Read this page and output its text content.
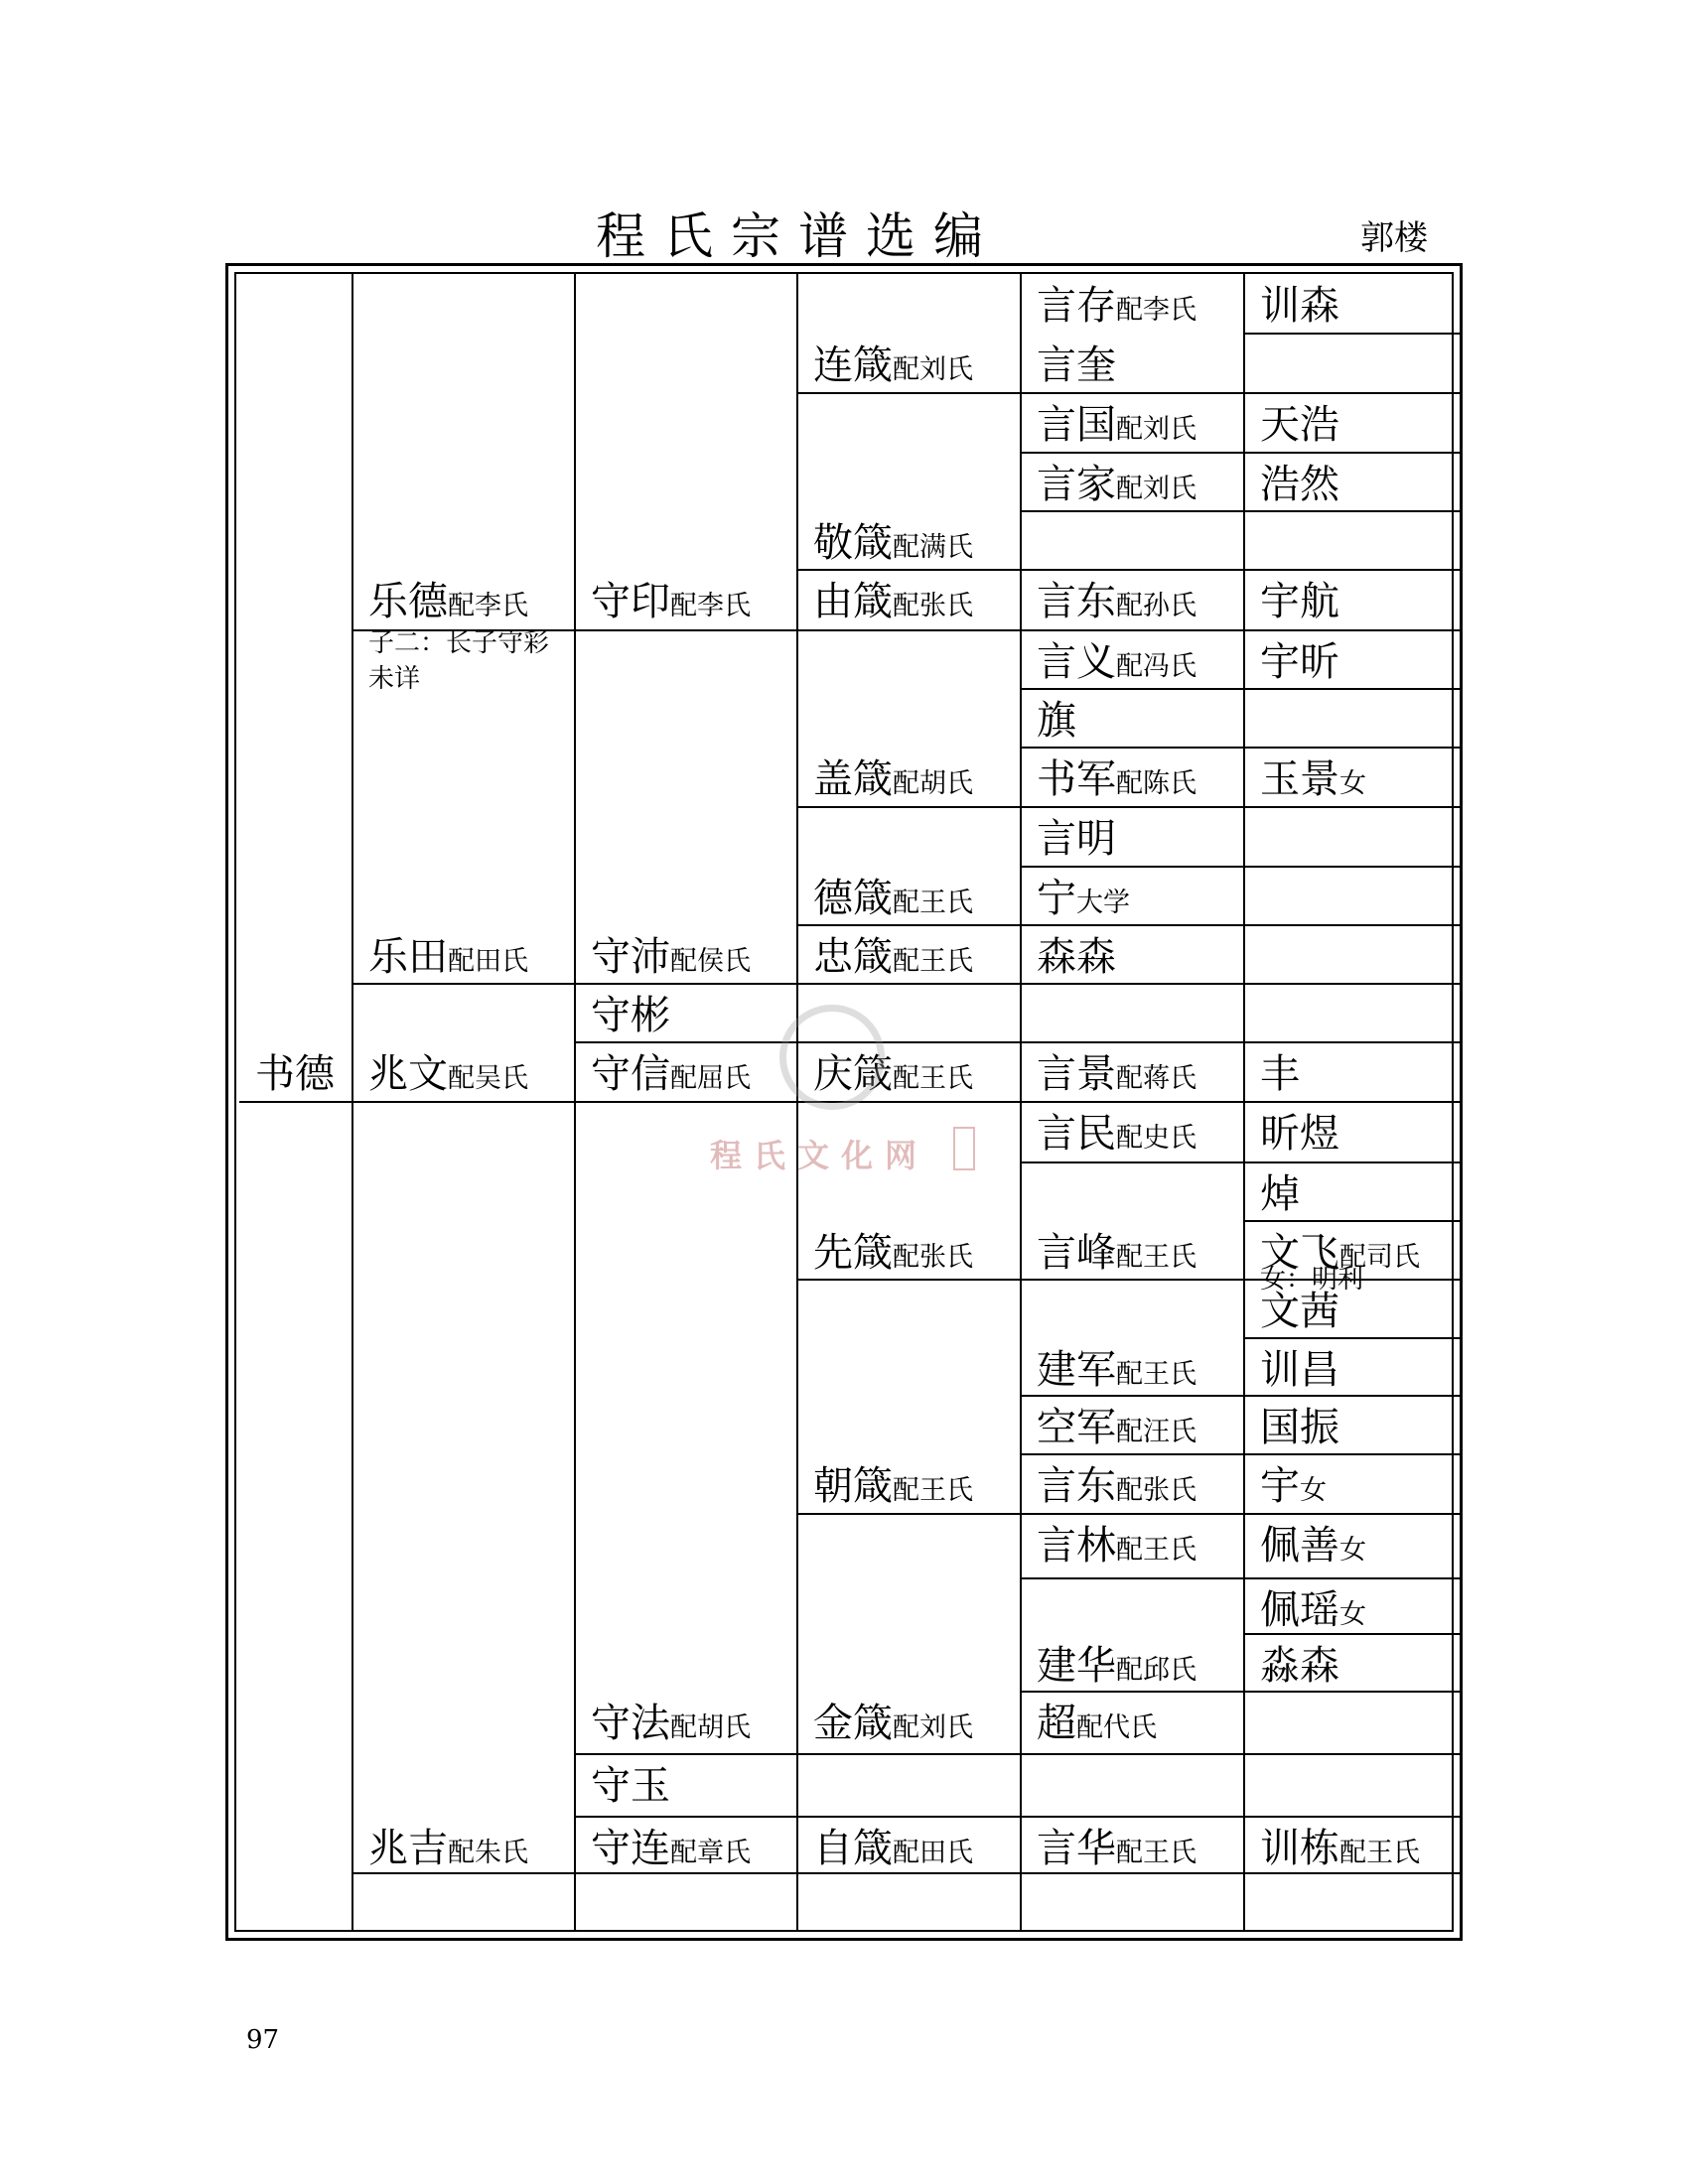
程氏宗谱选编	郭楼
书德
乐德配李氏
乐田配田氏
兆文配吴氏
兆吉配朱氏
守印配李氏
守沛配侯氏
守彬
守信配屈氏
守法配胡氏
守玉
守连配章氏
连箴配刘氏
敬箴配满氏
由箴配张氏
盖箴配胡氏
德箴配王氏
忠箴配王氏
庆箴配王氏
先箴配张氏
朝箴配王氏
金箴配刘氏
自箴配田氏
言存配李氏
言奎
言国配刘氏
言家配刘氏
言东配孙氏
言义配冯氏
旗
书军配陈氏
言明
宁大学
森森
言景配蒋氏
言民配史氏
言峰配王氏
建军配王氏
空军配汪氏
言东配张氏
言林配王氏
建华配邱氏
超配代氏
言华配王氏
训森
天浩
浩然
宇航
宇昕
玉景女
丰
昕煜
焯
文飞配司氏
文茜
训昌
国振
宇女
佩善女
佩瑶女
淼森
训栋配王氏
子二：长子守彩未详
女：明利
程氏文化网
97
